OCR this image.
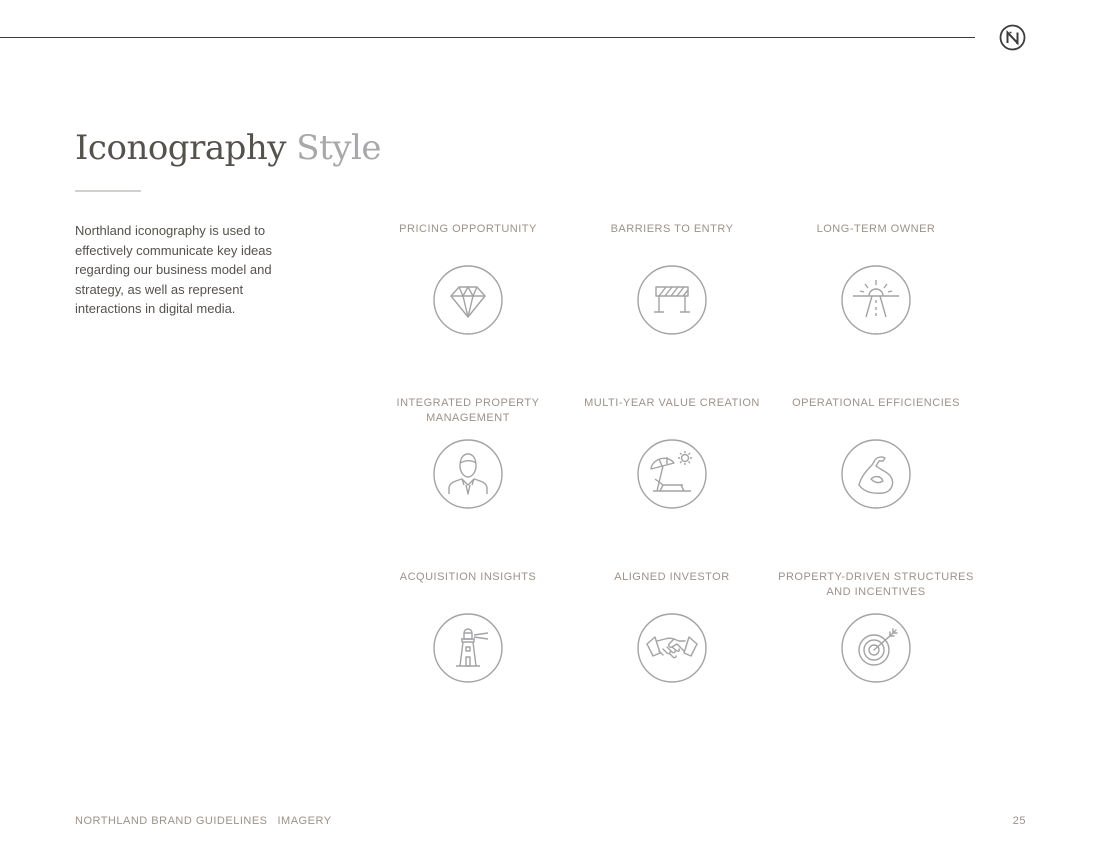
Iconography Style

Northland iconography is used to effectively communicate key ideas regarding our business model and strategy, as well as represent interactions in digital media.

PRICING OPPORTUNITY	BARRIERS TO ENTRY	LONG-TERM OWNER
INTEGRATED PROPERTY MANAGEMENT
MULTI-YEAR VALUE CREATION	OPERATIONAL EFFICIENCIES
ACQUISITION INSIGHTS	ALIGNED INVESTOR	PROPERTY-DRIVEN STRUCTURES AND INCENTIVES
NORTHLAND BRAND GUIDELINES IMAGERY	25
